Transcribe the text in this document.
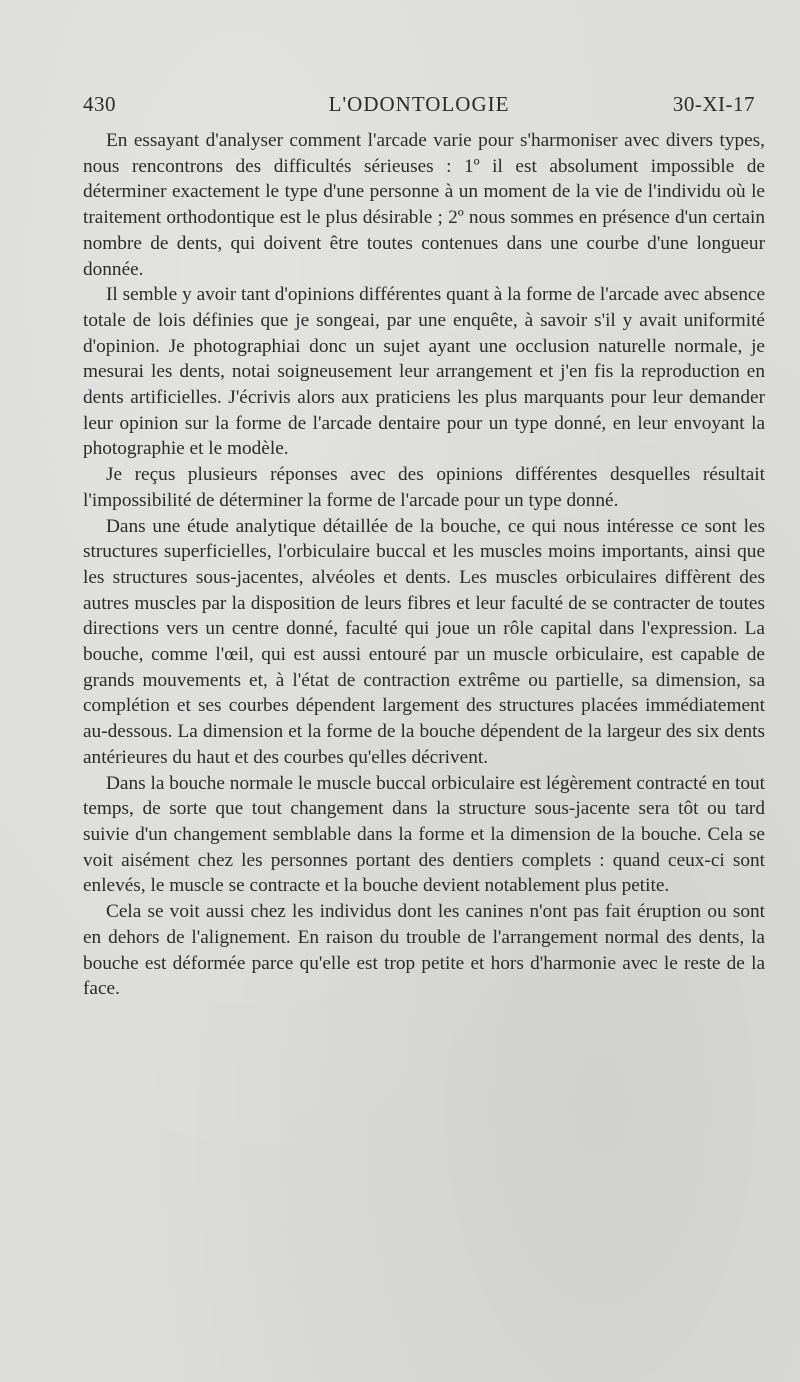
430	L'ODONTOLOGIE	30-XI-17

En essayant d'analyser comment l'arcade varie pour s'harmoniser avec divers types, nous rencontrons des difficultés sérieuses : 1º il est absolument impossible de déterminer exactement le type d'une personne à un moment de la vie de l'individu où le traitement orthodontique est le plus désirable ; 2º nous sommes en présence d'un certain nombre de dents, qui doivent être toutes contenues dans une courbe d'une longueur donnée.

Il semble y avoir tant d'opinions différentes quant à la forme de l'arcade avec absence totale de lois définies que je songeai, par une enquête, à savoir s'il y avait uniformité d'opinion. Je photographiai donc un sujet ayant une occlusion naturelle normale, je mesurai les dents, notai soigneusement leur arrangement et j'en fis la reproduction en dents artificielles. J'écrivis alors aux praticiens les plus marquants pour leur demander leur opinion sur la forme de l'arcade dentaire pour un type donné, en leur envoyant la photographie et le modèle.

Je reçus plusieurs réponses avec des opinions différentes desquelles résultait l'impossibilité de déterminer la forme de l'arcade pour un type donné.

Dans une étude analytique détaillée de la bouche, ce qui nous intéresse ce sont les structures superficielles, l'orbiculaire buccal et les muscles moins importants, ainsi que les structures sous-jacentes, alvéoles et dents. Les muscles orbiculaires diffèrent des autres muscles par la disposition de leurs fibres et leur faculté de se contracter de toutes directions vers un centre donné, faculté qui joue un rôle capital dans l'expression. La bouche, comme l'œil, qui est aussi entouré par un muscle orbiculaire, est capable de grands mouvements et, à l'état de contraction extrême ou partielle, sa dimension, sa complétion et ses courbes dépendent largement des structures placées immédiatement au-dessous. La dimension et la forme de la bouche dépendent de la largeur des six dents antérieures du haut et des courbes qu'elles décrivent.

Dans la bouche normale le muscle buccal orbiculaire est légèrement contracté en tout temps, de sorte que tout changement dans la structure sous-jacente sera tôt ou tard suivie d'un changement semblable dans la forme et la dimension de la bouche. Cela se voit aisément chez les personnes portant des dentiers complets : quand ceux-ci sont enlevés, le muscle se contracte et la bouche devient notablement plus petite.

Cela se voit aussi chez les individus dont les canines n'ont pas fait éruption ou sont en dehors de l'alignement. En raison du trouble de l'arrangement normal des dents, la bouche est déformée parce qu'elle est trop petite et hors d'harmonie avec le reste de la face.
